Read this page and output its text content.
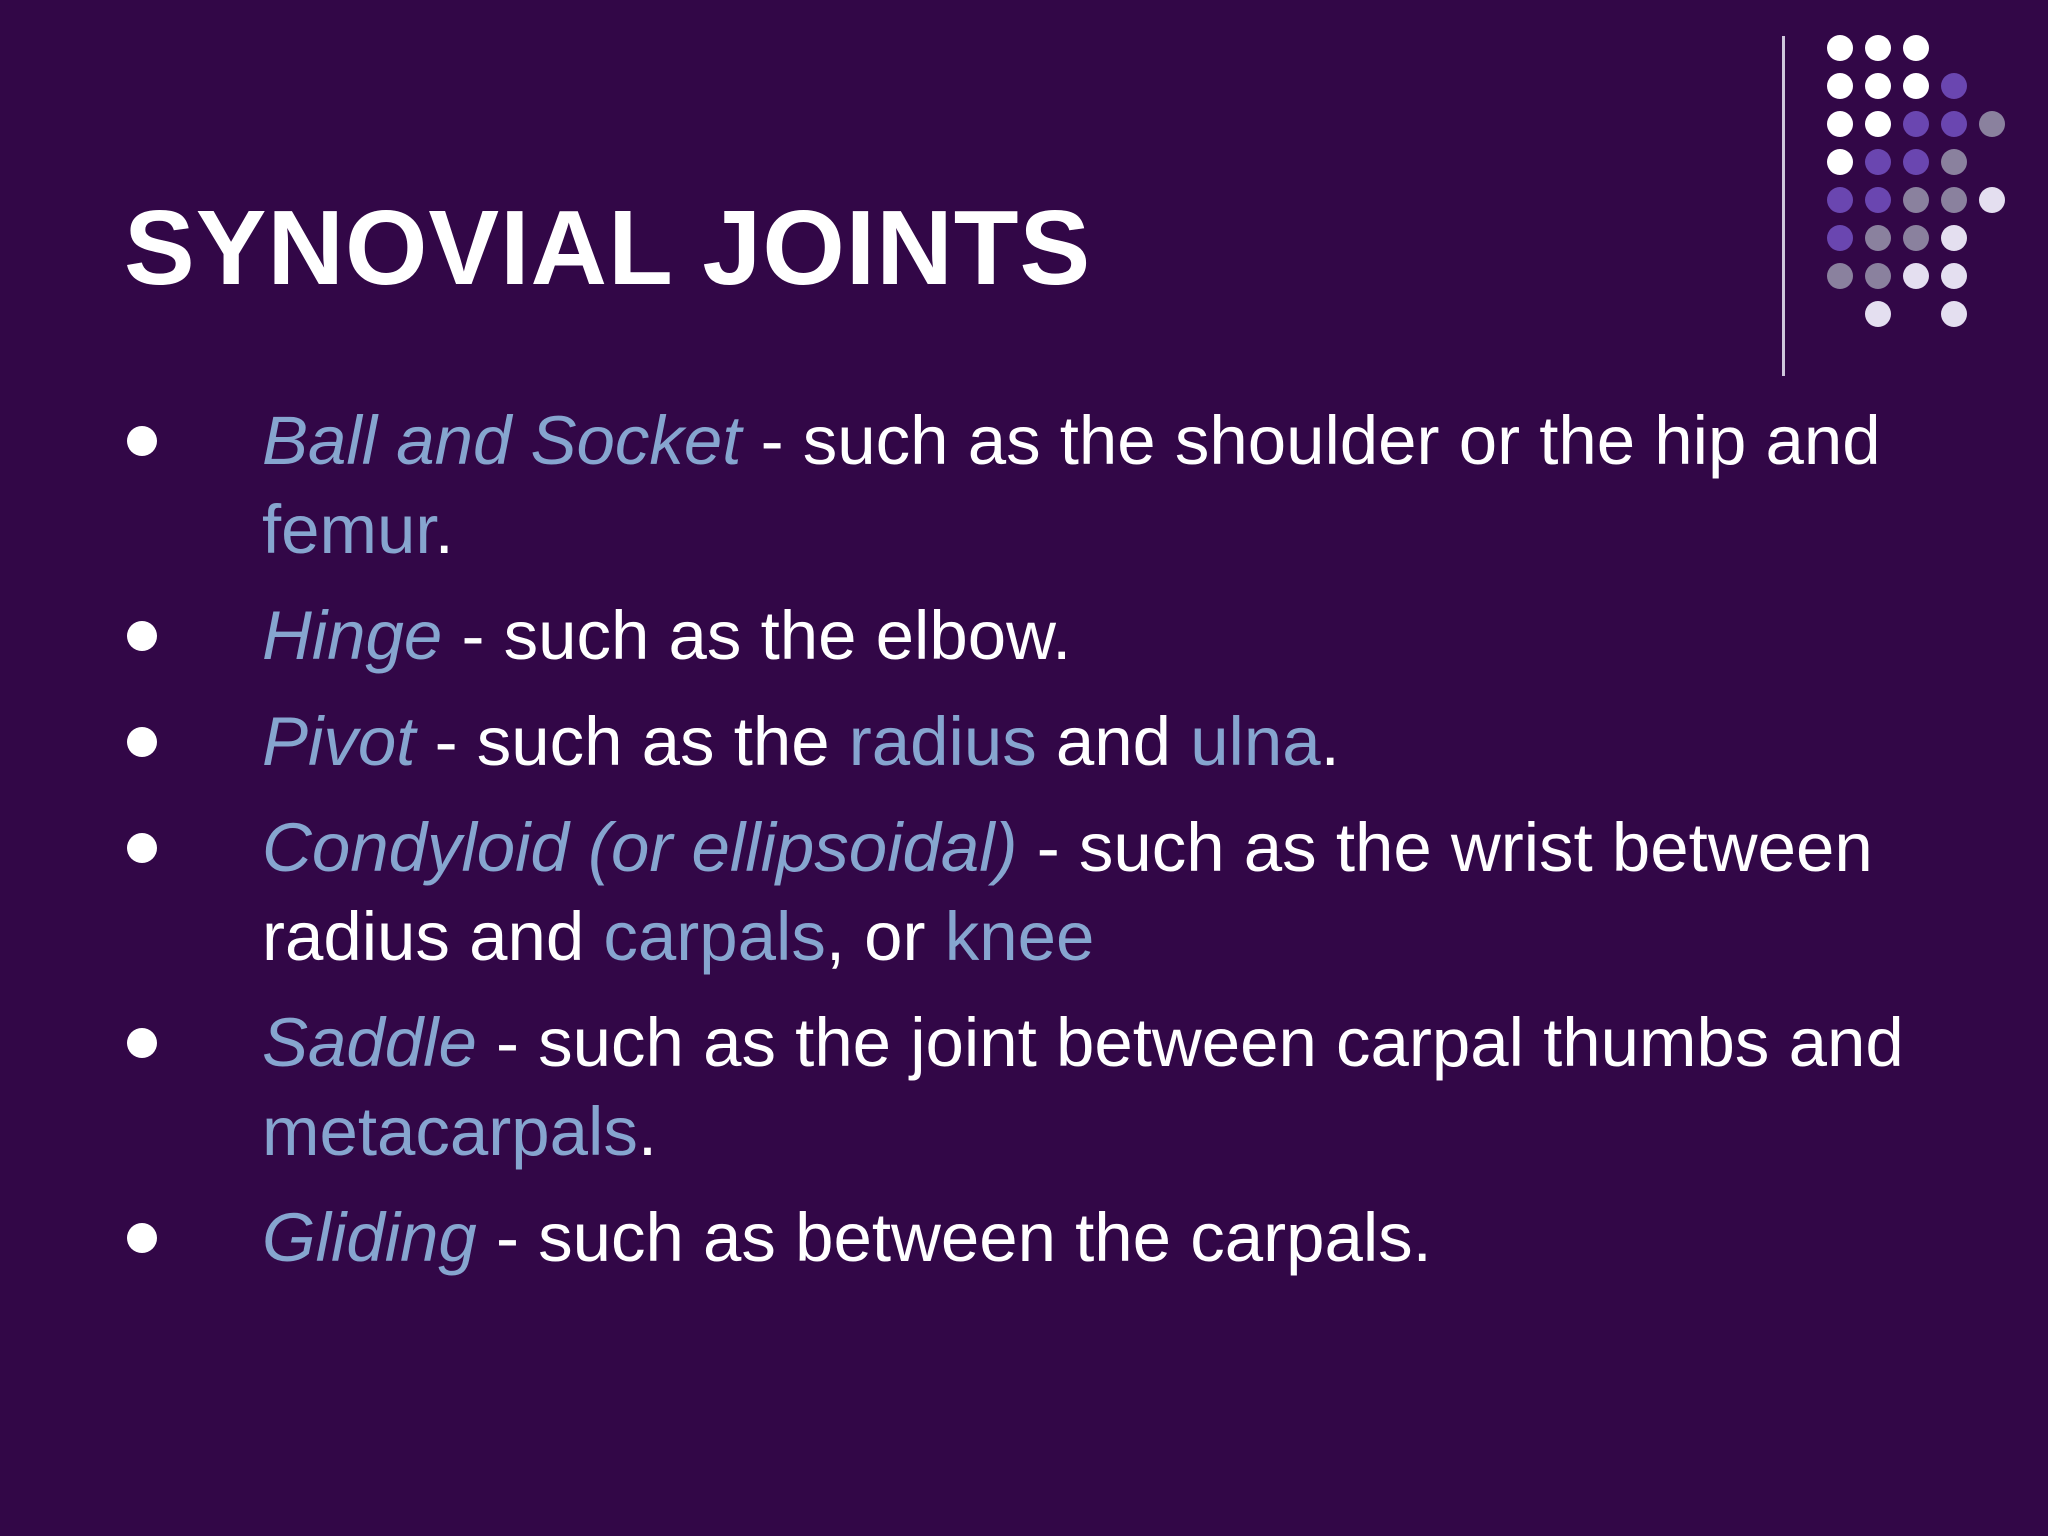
SYNOVIAL JOINTS
Ball and Socket - such as the shoulder or the hip and femur.
Hinge - such as the elbow.
Pivot - such as the radius and ulna.
Condyloid (or ellipsoidal) - such as the wrist between radius and carpals, or knee
Saddle - such as the joint between carpal thumbs and metacarpals.
Gliding - such as between the carpals.
